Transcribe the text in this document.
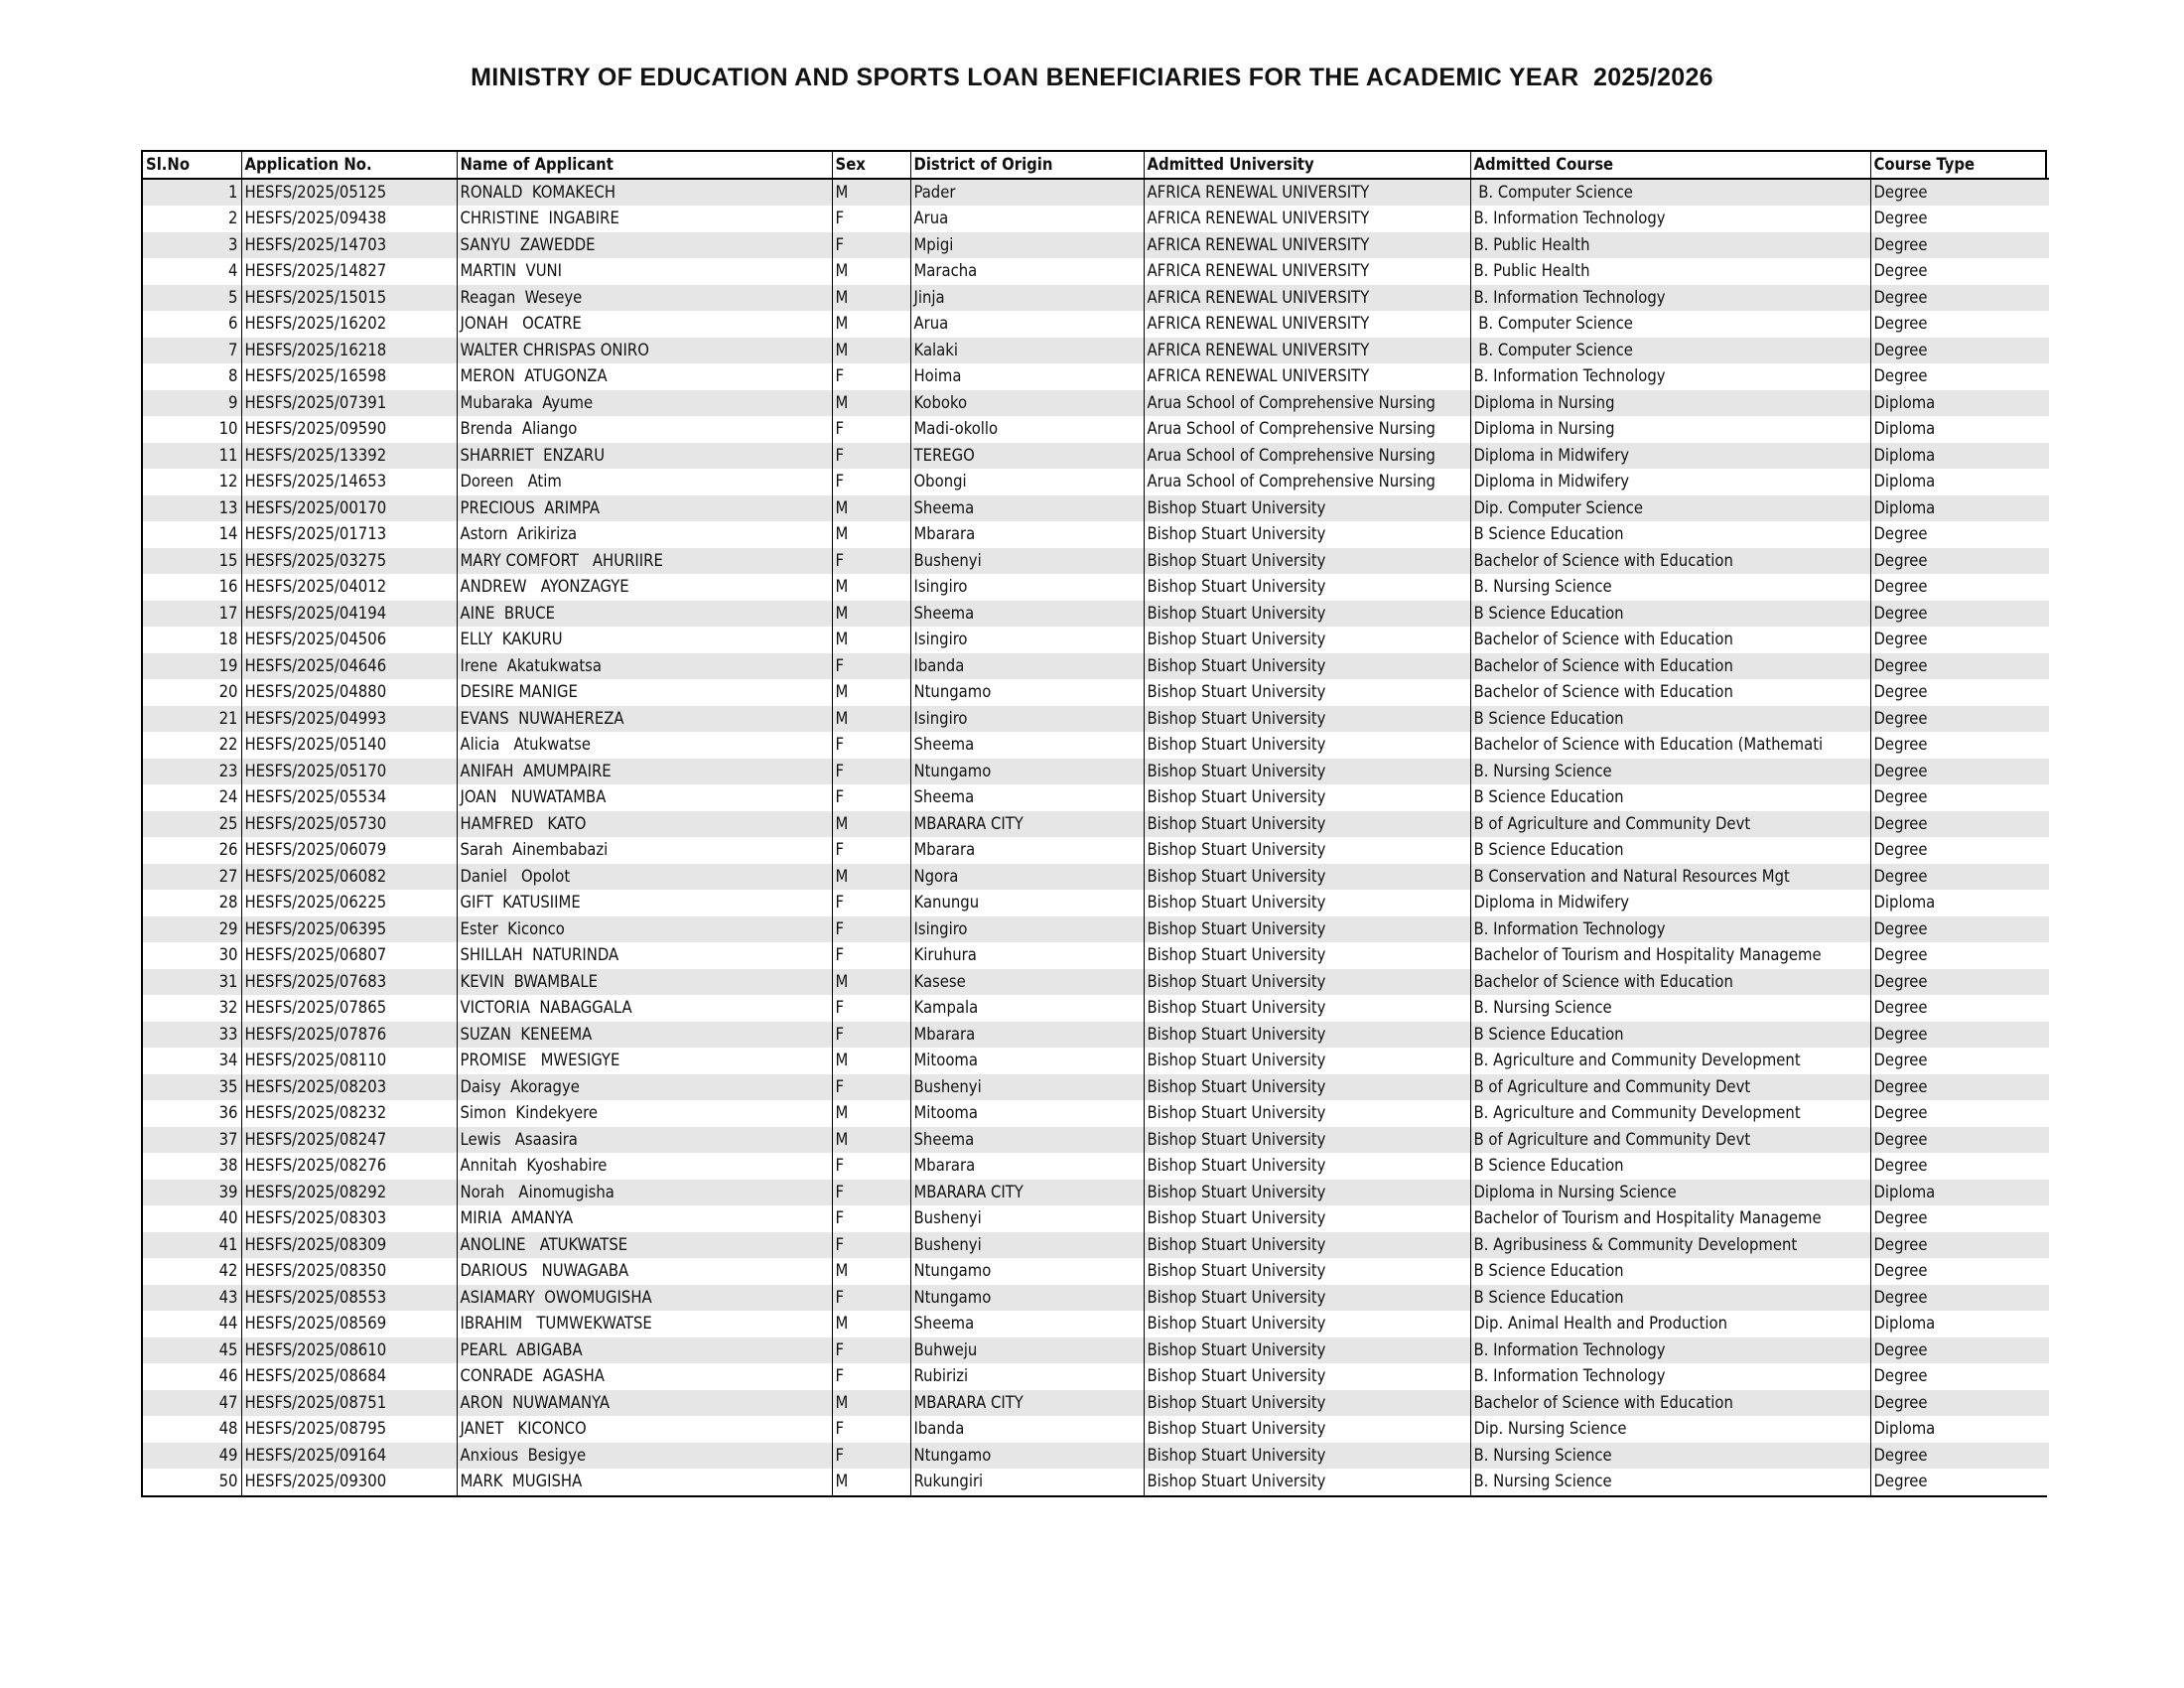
MINISTRY OF EDUCATION AND SPORTS LOAN BENEFICIARIES FOR THE ACADEMIC YEAR  2025/2026
Sl.No	Application No.	Name of Applicant	Sex	District of Origin	Admitted University	Admitted Course	Course Type
1	HESFS/2025/05125	RONALD  KOMAKECH	M	Pader	AFRICA RENEWAL UNIVERSITY	B. Computer Science	Degree
2	HESFS/2025/09438	CHRISTINE  INGABIRE	F	Arua	AFRICA RENEWAL UNIVERSITY	B. Information Technology	Degree
3	HESFS/2025/14703	SANYU  ZAWEDDE	F	Mpigi	AFRICA RENEWAL UNIVERSITY	B. Public Health	Degree
4	HESFS/2025/14827	MARTIN  VUNI	M	Maracha	AFRICA RENEWAL UNIVERSITY	B. Public Health	Degree
5	HESFS/2025/15015	Reagan  Weseye	M	Jinja	AFRICA RENEWAL UNIVERSITY	B. Information Technology	Degree
6	HESFS/2025/16202	JONAH   OCATRE	M	Arua	AFRICA RENEWAL UNIVERSITY	B. Computer Science	Degree
7	HESFS/2025/16218	WALTER CHRISPAS ONIRO	M	Kalaki	AFRICA RENEWAL UNIVERSITY	B. Computer Science	Degree
8	HESFS/2025/16598	MERON  ATUGONZA	F	Hoima	AFRICA RENEWAL UNIVERSITY	B. Information Technology	Degree
9	HESFS/2025/07391	Mubaraka  Ayume	M	Koboko	Arua School of Comprehensive Nursing	Diploma in Nursing	Diploma
10	HESFS/2025/09590	Brenda  Aliango	F	Madi-okollo	Arua School of Comprehensive Nursing	Diploma in Nursing	Diploma
11	HESFS/2025/13392	SHARRIET  ENZARU	F	TEREGO	Arua School of Comprehensive Nursing	Diploma in Midwifery	Diploma
12	HESFS/2025/14653	Doreen   Atim	F	Obongi	Arua School of Comprehensive Nursing	Diploma in Midwifery	Diploma
13	HESFS/2025/00170	PRECIOUS  ARIMPA	M	Sheema	Bishop Stuart University	Dip. Computer Science	Diploma
14	HESFS/2025/01713	Astorn  Arikiriza	M	Mbarara	Bishop Stuart University	B Science Education	Degree
15	HESFS/2025/03275	MARY COMFORT   AHURIIRE	F	Bushenyi	Bishop Stuart University	Bachelor of Science with Education	Degree
16	HESFS/2025/04012	ANDREW   AYONZAGYE	M	Isingiro	Bishop Stuart University	B. Nursing Science	Degree
17	HESFS/2025/04194	AINE  BRUCE	M	Sheema	Bishop Stuart University	B Science Education	Degree
18	HESFS/2025/04506	ELLY  KAKURU	M	Isingiro	Bishop Stuart University	Bachelor of Science with Education	Degree
19	HESFS/2025/04646	Irene  Akatukwatsa	F	Ibanda	Bishop Stuart University	Bachelor of Science with Education	Degree
20	HESFS/2025/04880	DESIRE MANIGE	M	Ntungamo	Bishop Stuart University	Bachelor of Science with Education	Degree
21	HESFS/2025/04993	EVANS  NUWAHEREZA	M	Isingiro	Bishop Stuart University	B Science Education	Degree
22	HESFS/2025/05140	Alicia   Atukwatse	F	Sheema	Bishop Stuart University	Bachelor of Science with Education (Mathemati	Degree
23	HESFS/2025/05170	ANIFAH  AMUMPAIRE	F	Ntungamo	Bishop Stuart University	B. Nursing Science	Degree
24	HESFS/2025/05534	JOAN   NUWATAMBA	F	Sheema	Bishop Stuart University	B Science Education	Degree
25	HESFS/2025/05730	HAMFRED   KATO	M	MBARARA CITY	Bishop Stuart University	B of Agriculture and Community Devt	Degree
26	HESFS/2025/06079	Sarah  Ainembabazi	F	Mbarara	Bishop Stuart University	B Science Education	Degree
27	HESFS/2025/06082	Daniel   Opolot	M	Ngora	Bishop Stuart University	B Conservation and Natural Resources Mgt	Degree
28	HESFS/2025/06225	GIFT  KATUSIIME	F	Kanungu	Bishop Stuart University	Diploma in Midwifery	Diploma
29	HESFS/2025/06395	Ester  Kiconco	F	Isingiro	Bishop Stuart University	B. Information Technology	Degree
30	HESFS/2025/06807	SHILLAH  NATURINDA	F	Kiruhura	Bishop Stuart University	Bachelor of Tourism and Hospitality Manageme	Degree
31	HESFS/2025/07683	KEVIN  BWAMBALE	M	Kasese	Bishop Stuart University	Bachelor of Science with Education	Degree
32	HESFS/2025/07865	VICTORIA  NABAGGALA	F	Kampala	Bishop Stuart University	B. Nursing Science	Degree
33	HESFS/2025/07876	SUZAN  KENEEMA	F	Mbarara	Bishop Stuart University	B Science Education	Degree
34	HESFS/2025/08110	PROMISE   MWESIGYE	M	Mitooma	Bishop Stuart University	B. Agriculture and Community Development	Degree
35	HESFS/2025/08203	Daisy  Akoragye	F	Bushenyi	Bishop Stuart University	B of Agriculture and Community Devt	Degree
36	HESFS/2025/08232	Simon  Kindekyere	M	Mitooma	Bishop Stuart University	B. Agriculture and Community Development	Degree
37	HESFS/2025/08247	Lewis   Asaasira	M	Sheema	Bishop Stuart University	B of Agriculture and Community Devt	Degree
38	HESFS/2025/08276	Annitah  Kyoshabire	F	Mbarara	Bishop Stuart University	B Science Education	Degree
39	HESFS/2025/08292	Norah   Ainomugisha	F	MBARARA CITY	Bishop Stuart University	Diploma in Nursing Science	Diploma
40	HESFS/2025/08303	MIRIA  AMANYA	F	Bushenyi	Bishop Stuart University	Bachelor of Tourism and Hospitality Manageme	Degree
41	HESFS/2025/08309	ANOLINE   ATUKWATSE	F	Bushenyi	Bishop Stuart University	B. Agribusiness & Community Development	Degree
42	HESFS/2025/08350	DARIOUS   NUWAGABA	M	Ntungamo	Bishop Stuart University	B Science Education	Degree
43	HESFS/2025/08553	ASIAMARY  OWOMUGISHA	F	Ntungamo	Bishop Stuart University	B Science Education	Degree
44	HESFS/2025/08569	IBRAHIM   TUMWEKWATSE	M	Sheema	Bishop Stuart University	Dip. Animal Health and Production	Diploma
45	HESFS/2025/08610	PEARL  ABIGABA	F	Buhweju	Bishop Stuart University	B. Information Technology	Degree
46	HESFS/2025/08684	CONRADE  AGASHA	F	Rubirizi	Bishop Stuart University	B. Information Technology	Degree
47	HESFS/2025/08751	ARON  NUWAMANYA	M	MBARARA CITY	Bishop Stuart University	Bachelor of Science with Education	Degree
48	HESFS/2025/08795	JANET   KICONCO	F	Ibanda	Bishop Stuart University	Dip. Nursing Science	Diploma
49	HESFS/2025/09164	Anxious  Besigye	F	Ntungamo	Bishop Stuart University	B. Nursing Science	Degree
50	HESFS/2025/09300	MARK  MUGISHA	M	Rukungiri	Bishop Stuart University	B. Nursing Science	Degree
